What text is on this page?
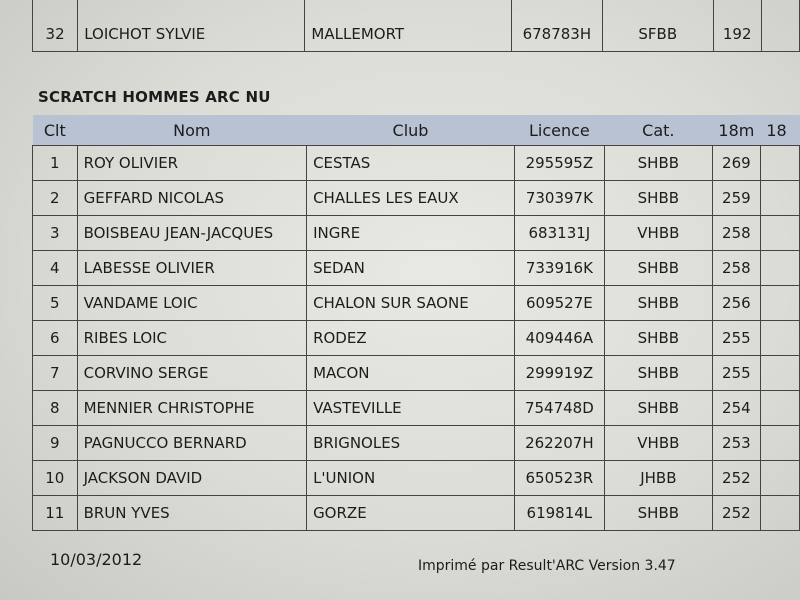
32	LOICHOT SYLVIE	MALLEMORT	678783H	SFBB	192	
SCRATCH HOMMES ARC NU
Clt	Nom	Club	Licence	Cat.	18m	18
1	ROY OLIVIER	CESTAS	295595Z	SHBB	269	
2	GEFFARD NICOLAS	CHALLES LES EAUX	730397K	SHBB	259	
3	BOISBEAU JEAN-JACQUES	INGRE	683131J	VHBB	258	
4	LABESSE OLIVIER	SEDAN	733916K	SHBB	258	
5	VANDAME LOIC	CHALON SUR SAONE	609527E	SHBB	256	
6	RIBES LOIC	RODEZ	409446A	SHBB	255	
7	CORVINO SERGE	MACON	299919Z	SHBB	255	
8	MENNIER CHRISTOPHE	VASTEVILLE	754748D	SHBB	254	
9	PAGNUCCO BERNARD	BRIGNOLES	262207H	VHBB	253	
10	JACKSON DAVID	L'UNION	650523R	JHBB	252	
11	BRUN YVES	GORZE	619814L	SHBB	252	
10/03/2012	Imprimé par Result'ARC Version 3.47
